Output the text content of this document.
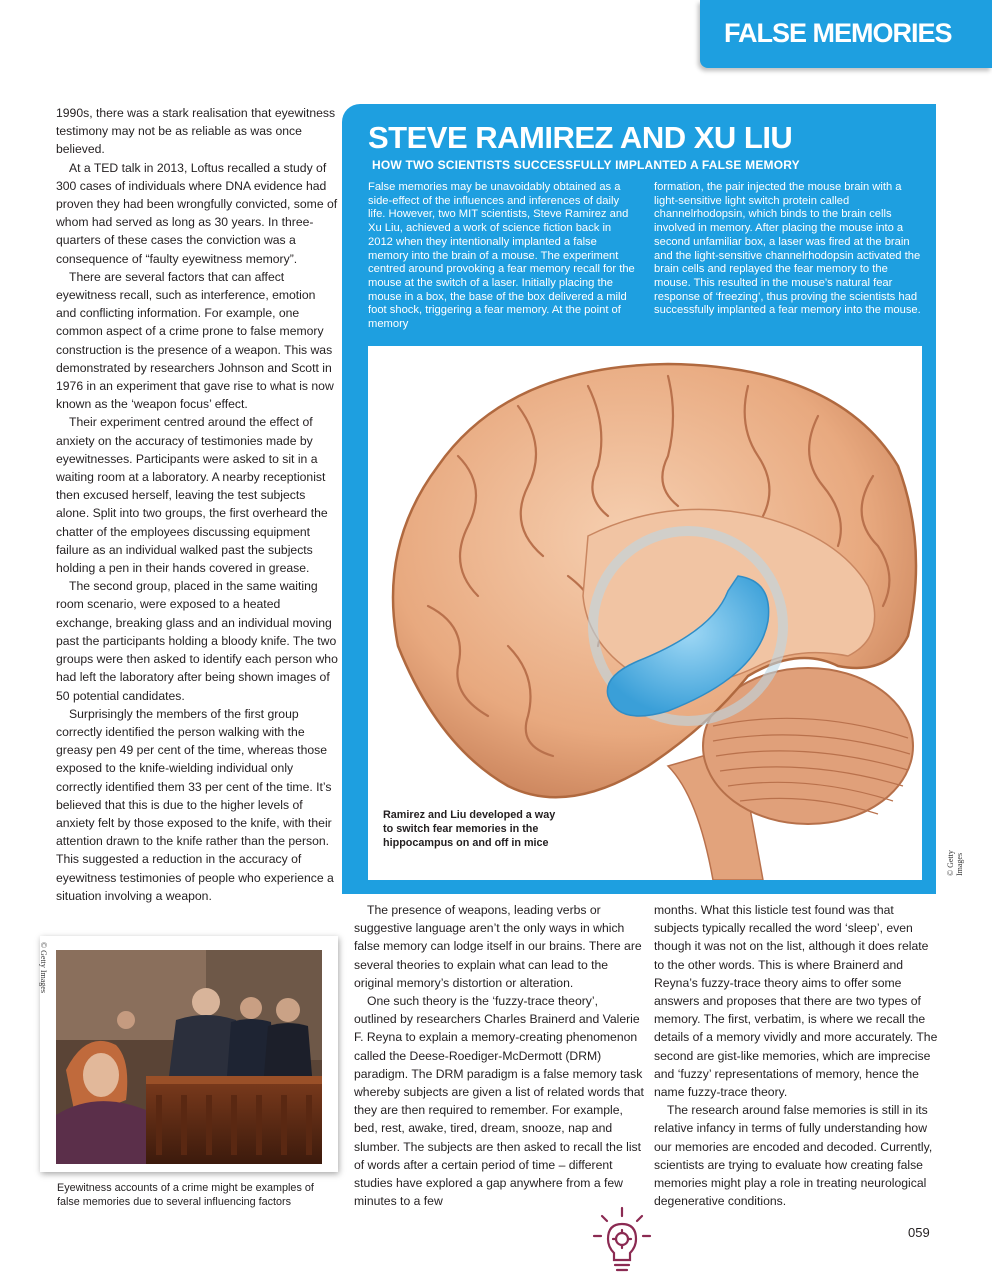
FALSE MEMORIES

1990s, there was a stark realisation that eyewitness testimony may not be as reliable as was once believed.

At a TED talk in 2013, Loftus recalled a study of 300 cases of individuals where DNA evidence had proven they had been wrongfully convicted, some of whom had served as long as 30 years. In three-quarters of these cases the conviction was a consequence of “faulty eyewitness memory”.

There are several factors that can affect eyewitness recall, such as interference, emotion and conflicting information. For example, one common aspect of a crime prone to false memory construction is the presence of a weapon. This was demonstrated by researchers Johnson and Scott in 1976 in an experiment that gave rise to what is now known as the ‘weapon focus’ effect.

Their experiment centred around the effect of anxiety on the accuracy of testimonies made by eyewitnesses. Participants were asked to sit in a waiting room at a laboratory. A nearby receptionist then excused herself, leaving the test subjects alone. Split into two groups, the first overheard the chatter of the employees discussing equipment failure as an individual walked past the subjects holding a pen in their hands covered in grease.

The second group, placed in the same waiting room scenario, were exposed to a heated exchange, breaking glass and an individual moving past the participants holding a bloody knife. The two groups were then asked to identify each person who had left the laboratory after being shown images of 50 potential candidates.

Surprisingly the members of the first group correctly identified the person walking with the greasy pen 49 per cent of the time, whereas those exposed to the knife-wielding individual only correctly identified them 33 per cent of the time. It’s believed that this is due to the higher levels of anxiety felt by those exposed to the knife, with their attention drawn to the knife rather than the person. This suggested a reduction in the accuracy of eyewitness testimonies of people who experience a situation involving a weapon.

STEVE RAMIREZ AND XU LIU
HOW TWO SCIENTISTS SUCCESSFULLY IMPLANTED A FALSE MEMORY
False memories may be unavoidably obtained as a side-effect of the influences and inferences of daily life. However, two MIT scientists, Steve Ramirez and Xu Liu, achieved a work of science fiction back in 2012 when they intentionally implanted a false memory into the brain of a mouse. The experiment centred around provoking a fear memory recall for the mouse at the switch of a laser. Initially placing the mouse in a box, the base of the box delivered a mild foot shock, triggering a fear memory. At the point of memory
formation, the pair injected the mouse brain with a light-sensitive light switch protein called channelrhodopsin, which binds to the brain cells involved in memory. After placing the mouse into a second unfamiliar box, a laser was fired at the brain and the light-sensitive channelrhodopsin activated the brain cells and replayed the fear memory to the mouse. This resulted in the mouse’s natural fear response of ‘freezing’, thus proving the scientists had successfully implanted a fear memory into the mouse.
Ramirez and Liu developed a way to switch fear memories in the hippocampus on and off in mice
© Getty Images
© Getty Images
Eyewitness accounts of a crime might be examples of false memories due to several influencing factors

The presence of weapons, leading verbs or suggestive language aren’t the only ways in which false memory can lodge itself in our brains. There are several theories to explain what can lead to the original memory’s distortion or alteration.

One such theory is the ‘fuzzy-trace theory’, outlined by researchers Charles Brainerd and Valerie F. Reyna to explain a memory-creating phenomenon called the Deese-Roediger-McDermott (DRM) paradigm. The DRM paradigm is a false memory task whereby subjects are given a list of related words that they are then required to remember. For example, bed, rest, awake, tired, dream, snooze, nap and slumber. The subjects are then asked to recall the list of words after a certain period of time – different studies have explored a gap anywhere from a few minutes to a few

months. What this listicle test found was that subjects typically recalled the word ‘sleep’, even though it was not on the list, although it does relate to the other words. This is where Brainerd and Reyna’s fuzzy-trace theory aims to offer some answers and proposes that there are two types of memory. The first, verbatim, is where we recall the details of a memory vividly and more accurately. The second are gist-like memories, which are imprecise and ‘fuzzy’ representations of memory, hence the name fuzzy-trace theory.

The research around false memories is still in its relative infancy in terms of fully understanding how our memories are encoded and decoded. Currently, scientists are trying to evaluate how creating false memories might play a role in treating neurological degenerative conditions.

059
